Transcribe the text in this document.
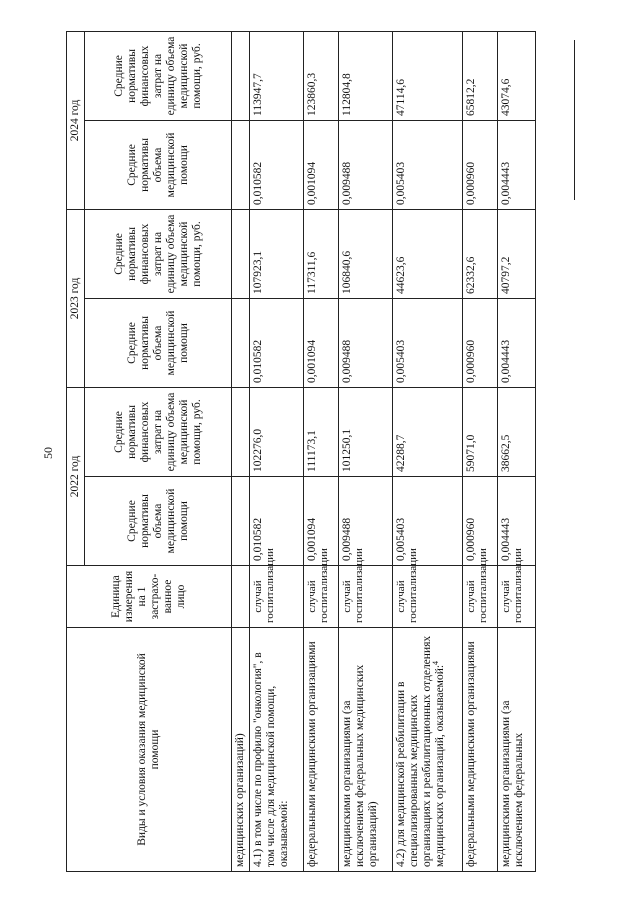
50
Виды и условия оказания медицинской помощи	Единица измерения на 1 застрахо-ванное лицо	2022 год		2023 год		2024 год	
		Средние нормативы объема медицинской помощи	Средние нормативы финансовых затрат на единицу объема медицинской помощи, руб.	Средние нормативы объема медицинской помощи	Средние нормативы финансовых затрат на единицу объема медицинской помощи, руб.	Средние нормативы объема медицинской помощи	Средние нормативы финансовых затрат на единицу объема медицинской помощи, руб.
медицинских организаций)							
4.1) в том числе по профилю "онкология", в том числе для медицинской помощи, оказываемой:	случай госпитализации	0,010582	102276,0	0,010582	107923,1	0,010582	113947,7
федеральными медицинскими организациями	случай госпитализации	0,001094	111173,1	0,001094	117311,6	0,001094	123860,3
медицинскими организациями (за исключением федеральных медицинских организаций)	случай госпитализации	0,009488	101250,1	0,009488	106840,6	0,009488	112804,8
4.2) для медицинской реабилитации в специализированных медицинских организациях и реабилитационных отделениях медицинских организаций, оказываемой:$^4$	случай госпитализации	0,005403	42288,7	0,005403	44623,6	0,005403	47114,6
федеральными медицинскими организациями	случай госпитализации	0,000960	59071,0	0,000960	62332,6	0,000960	65812,2
медицинскими организациями (за исключением федеральных	случай госпитализации	0,004443	38662,5	0,004443	40797,2	0,004443	43074,6
